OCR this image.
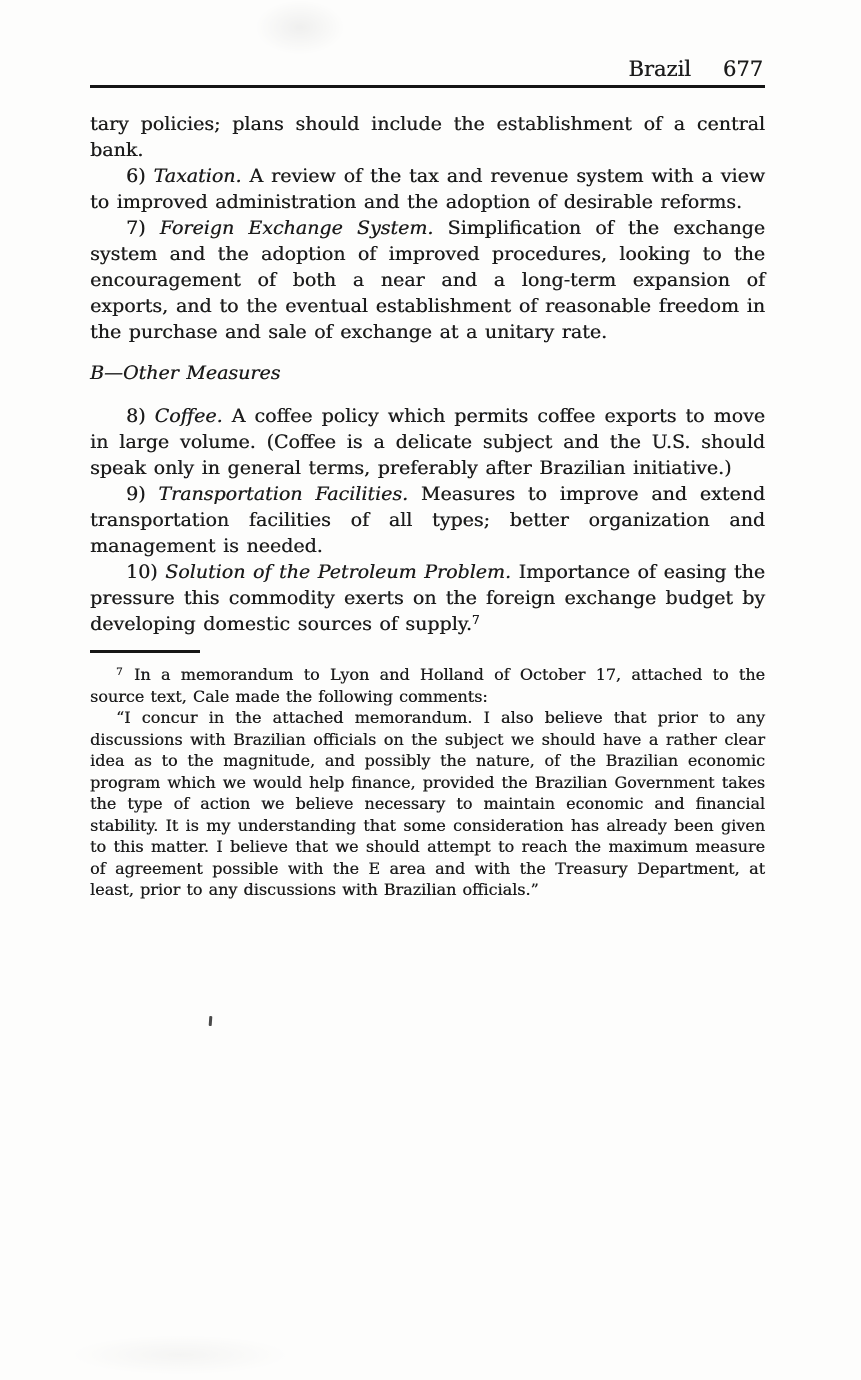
Brazil 677

tary policies; plans should include the establishment of a central bank.

6) Taxation. A review of the tax and revenue system with a view to improved administration and the adoption of desirable reforms.

7) Foreign Exchange System. Simplification of the exchange system and the adoption of improved procedures, looking to the encouragement of both a near and a long-term expansion of exports, and to the eventual establishment of reasonable freedom in the purchase and sale of exchange at a unitary rate.

B—Other Measures

8) Coffee. A coffee policy which permits coffee exports to move in large volume. (Coffee is a delicate subject and the U.S. should speak only in general terms, preferably after Brazilian initiative.)

9) Transportation Facilities. Measures to improve and extend transportation facilities of all types; better organization and management is needed.

10) Solution of the Petroleum Problem. Importance of easing the pressure this commodity exerts on the foreign exchange budget by developing domestic sources of supply.$^7$

$^7$ In a memorandum to Lyon and Holland of October 17, attached to the source text, Cale made the following comments:

“I concur in the attached memorandum. I also believe that prior to any discussions with Brazilian officials on the subject we should have a rather clear idea as to the magnitude, and possibly the nature, of the Brazilian economic program which we would help finance, provided the Brazilian Government takes the type of action we believe necessary to maintain economic and financial stability. It is my understanding that some consideration has already been given to this matter. I believe that we should attempt to reach the maximum measure of agreement possible with the E area and with the Treasury Department, at least, prior to any discussions with Brazilian officials.”
